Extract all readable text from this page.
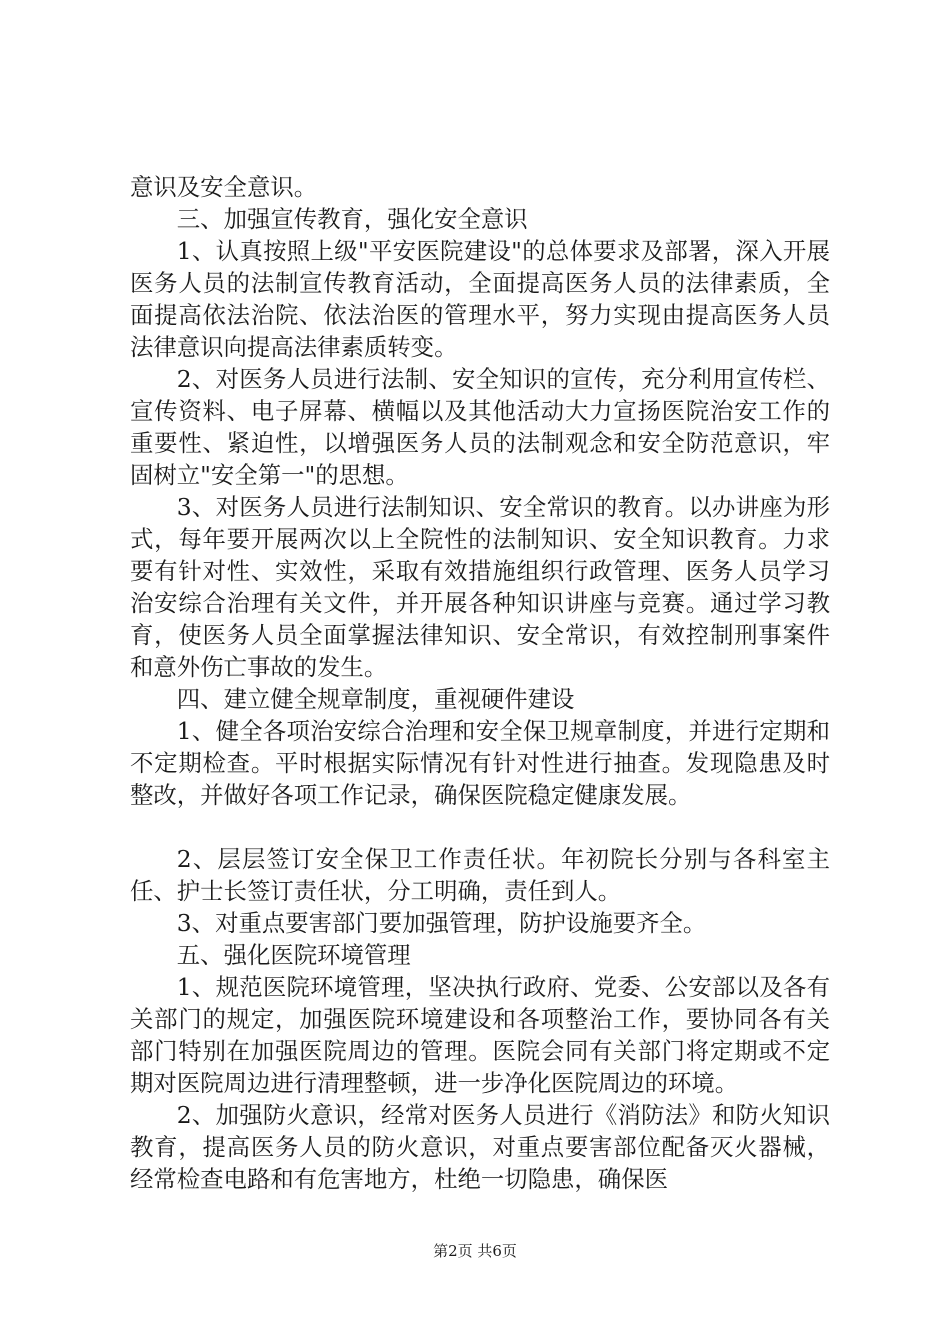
意识及安全意识。

三、加强宣传教育，强化安全意识

1、认真按照上级"平安医院建设"的总体要求及部署，深入开展医务人员的法制宣传教育活动，全面提高医务人员的法律素质，全面提高依法治院、依法治医的管理水平，努力实现由提高医务人员法律意识向提高法律素质转变。

2、对医务人员进行法制、安全知识的宣传，充分利用宣传栏、宣传资料、电子屏幕、横幅以及其他活动大力宣扬医院治安工作的重要性、紧迫性，以增强医务人员的法制观念和安全防范意识，牢固树立"安全第一"的思想。

3、对医务人员进行法制知识、安全常识的教育。以办讲座为形式，每年要开展两次以上全院性的法制知识、安全知识教育。力求要有针对性、实效性，采取有效措施组织行政管理、医务人员学习治安综合治理有关文件，并开展各种知识讲座与竞赛。通过学习教育，使医务人员全面掌握法律知识、安全常识，有效控制刑事案件和意外伤亡事故的发生。

四、建立健全规章制度，重视硬件建设

1、健全各项治安综合治理和安全保卫规章制度，并进行定期和不定期检查。平时根据实际情况有针对性进行抽查。发现隐患及时整改，并做好各项工作记录，确保医院稳定健康发展。

2、层层签订安全保卫工作责任状。年初院长分别与各科室主任、护士长签订责任状，分工明确，责任到人。

3、对重点要害部门要加强管理，防护设施要齐全。

五、强化医院环境管理

1、规范医院环境管理，坚决执行政府、党委、公安部以及各有关部门的规定，加强医院环境建设和各项整治工作，要协同各有关部门特别在加强医院周边的管理。医院会同有关部门将定期或不定期对医院周边进行清理整顿，进一步净化医院周边的环境。

2、加强防火意识，经常对医务人员进行《消防法》和防火知识教育，提高医务人员的防火意识，对重点要害部位配备灭火器械，经常检查电路和有危害地方，杜绝一切隐患，确保医

第2页 共6页
